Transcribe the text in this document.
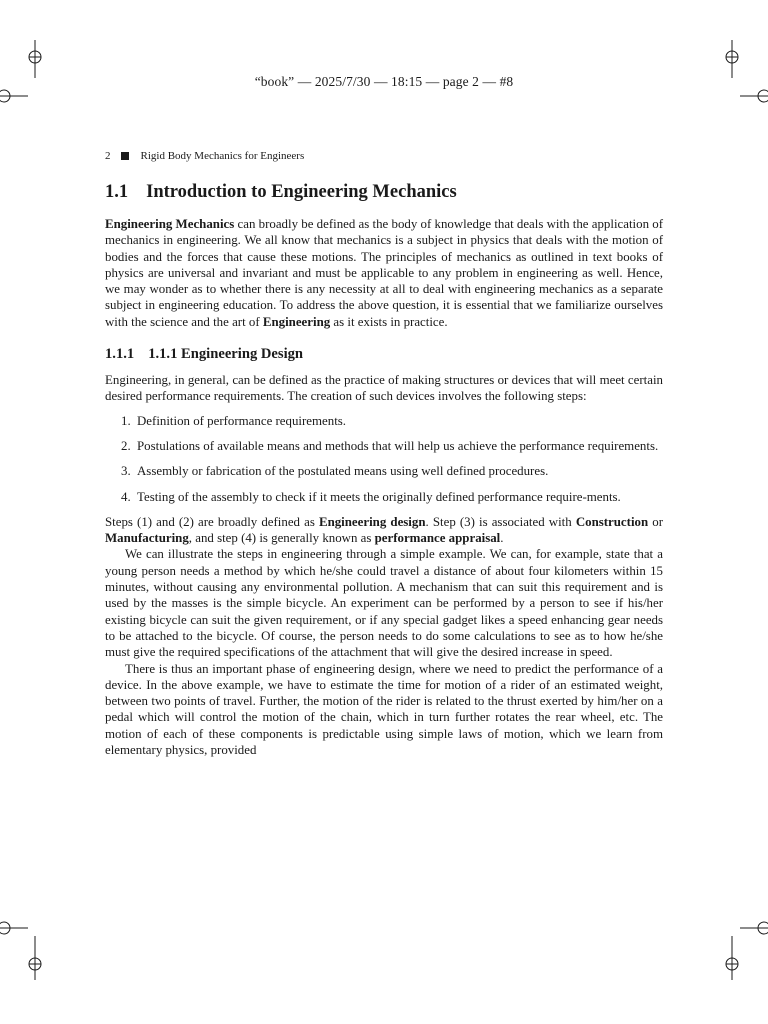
“book” — 2025/7/30 — 18:15 — page 2 — #8
2	Rigid Body Mechanics for Engineers
1.1 Introduction to Engineering Mechanics

Engineering Mechanics can broadly be defined as the body of knowledge that deals with the application of mechanics in engineering. We all know that mechanics is a subject in physics that deals with the motion of bodies and the forces that cause these motions. The principles of mechanics as outlined in text books of physics are universal and invariant and must be applicable to any problem in engineering as well. Hence, we may wonder as to whether there is any necessity at all to deal with engineering mechanics as a separate subject in engineering education. To address the above question, it is essential that we familiarize ourselves with the science and the art of Engineering as it exists in practice.

1.1.1 1.1.1 Engineering Design

Engineering, in general, can be defined as the practice of making structures or devices that will meet certain desired performance requirements. The creation of such devices involves the following steps:

1. Definition of performance requirements.
2. Postulations of available means and methods that will help us achieve the performance requirements.
3. Assembly or fabrication of the postulated means using well defined procedures.
4. Testing of the assembly to check if it meets the originally defined performance require-ments.

Steps (1) and (2) are broadly defined as Engineering design. Step (3) is associated with Construction or Manufacturing, and step (4) is generally known as performance appraisal.

We can illustrate the steps in engineering through a simple example. We can, for example, state that a young person needs a method by which he/she could travel a distance of about four kilometers within 15 minutes, without causing any environmental pollution. A mechanism that can suit this requirement and is used by the masses is the simple bicycle. An experiment can be performed by a person to see if his/her existing bicycle can suit the given requirement, or if any special gadget likes a speed enhancing gear needs to be attached to the bicycle. Of course, the person needs to do some calculations to see as to how he/she must give the required specifications of the attachment that will give the desired increase in speed.

There is thus an important phase of engineering design, where we need to predict the performance of a device. In the above example, we have to estimate the time for motion of a rider of an estimated weight, between two points of travel. Further, the motion of the rider is related to the thrust exerted by him/her on a pedal which will control the motion of the chain, which in turn further rotates the rear wheel, etc. The motion of each of these components is predictable using simple laws of motion, which we learn from elementary physics, provided
